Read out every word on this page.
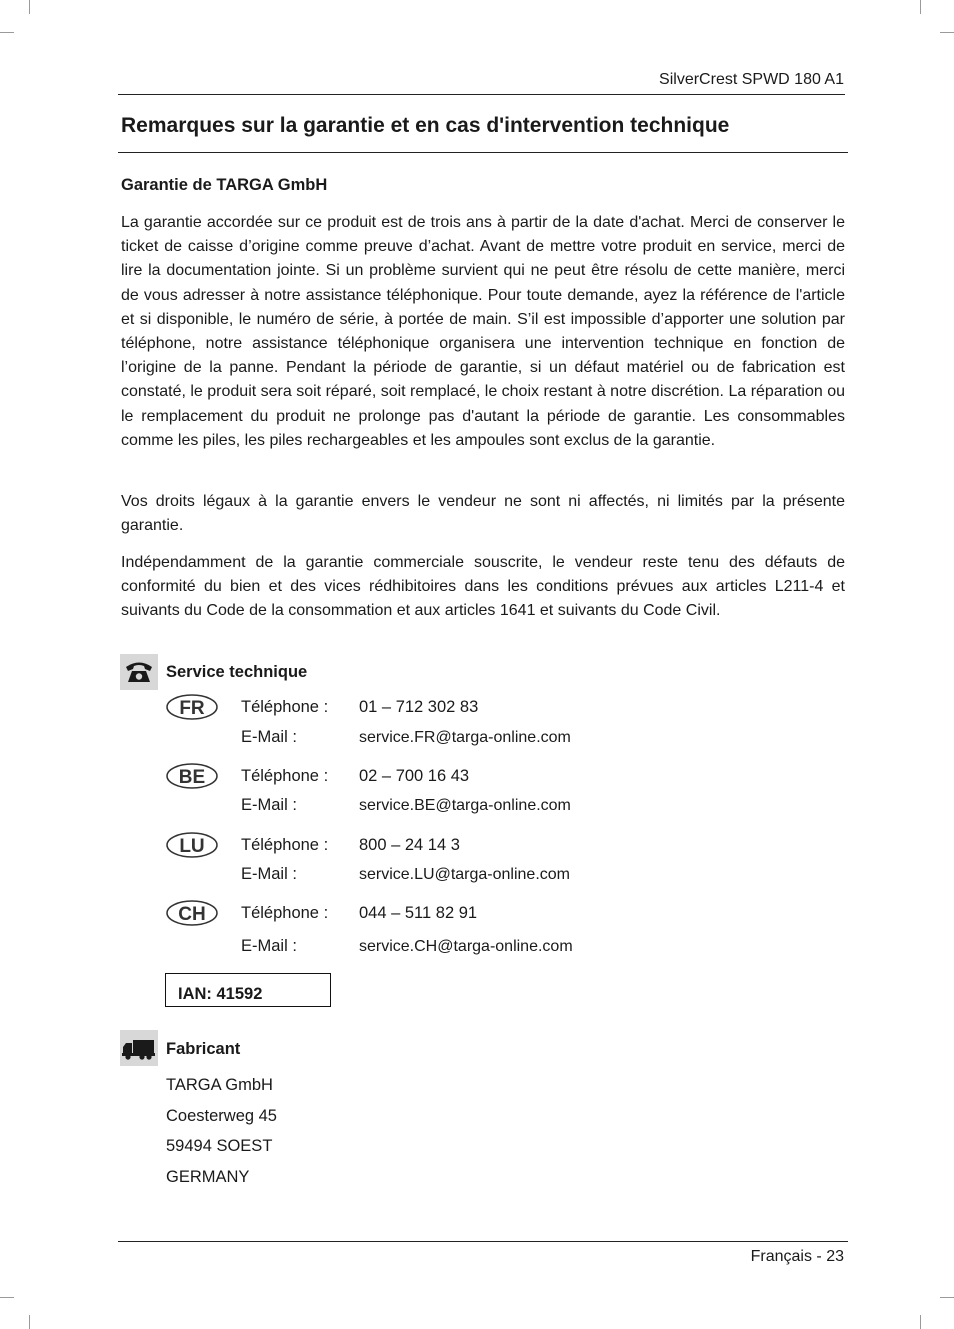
SilverCrest SPWD 180 A1
Remarques sur la garantie et en cas d'intervention technique
Garantie de TARGA GmbH

La garantie accordée sur ce produit est de trois ans à partir de la date d'achat. Merci de conserver le ticket de caisse d’origine comme preuve d’achat. Avant de mettre votre produit en service, merci de lire la documentation jointe. Si un problème survient qui ne peut être résolu de cette manière, merci de vous adresser à notre assistance téléphonique. Pour toute demande, ayez la référence de l'article et si disponible, le numéro de série, à portée de main. S’il est impossible d’apporter une solution par téléphone, notre assistance téléphonique organisera une intervention technique en fonction de l’origine de la panne. Pendant la période de garantie, si un défaut matériel ou de fabrication est constaté, le produit sera soit réparé, soit remplacé, le choix restant à notre discrétion. La réparation ou le remplacement du produit ne prolonge pas d'autant la période de garantie. Les consommables comme les piles, les piles rechargeables et les ampoules sont exclus de la garantie.

Vos droits légaux à la garantie envers le vendeur ne sont ni affectés, ni limités par la présente garantie.

Indépendamment de la garantie commerciale souscrite, le vendeur reste tenu des défauts de conformité du bien et des vices rédhibitoires dans les conditions prévues aux articles L211-4 et suivants du Code de la consommation et aux articles 1641 et suivants du Code Civil.

Service technique
FR Téléphone : 01 – 712 302 83
E-Mail :	service.FR@targa-online.com
BE Téléphone : 02 – 700 16 43
E-Mail :	service.BE@targa-online.com
LU Téléphone : 800 – 24 14 3
E-Mail :	service.LU@targa-online.com
CH Téléphone : 044 – 511 82 91
E-Mail :	service.CH@targa-online.com
IAN: 41592
Fabricant
TARGA GmbH
Coesterweg 45
59494 SOEST
GERMANY
Français - 23
